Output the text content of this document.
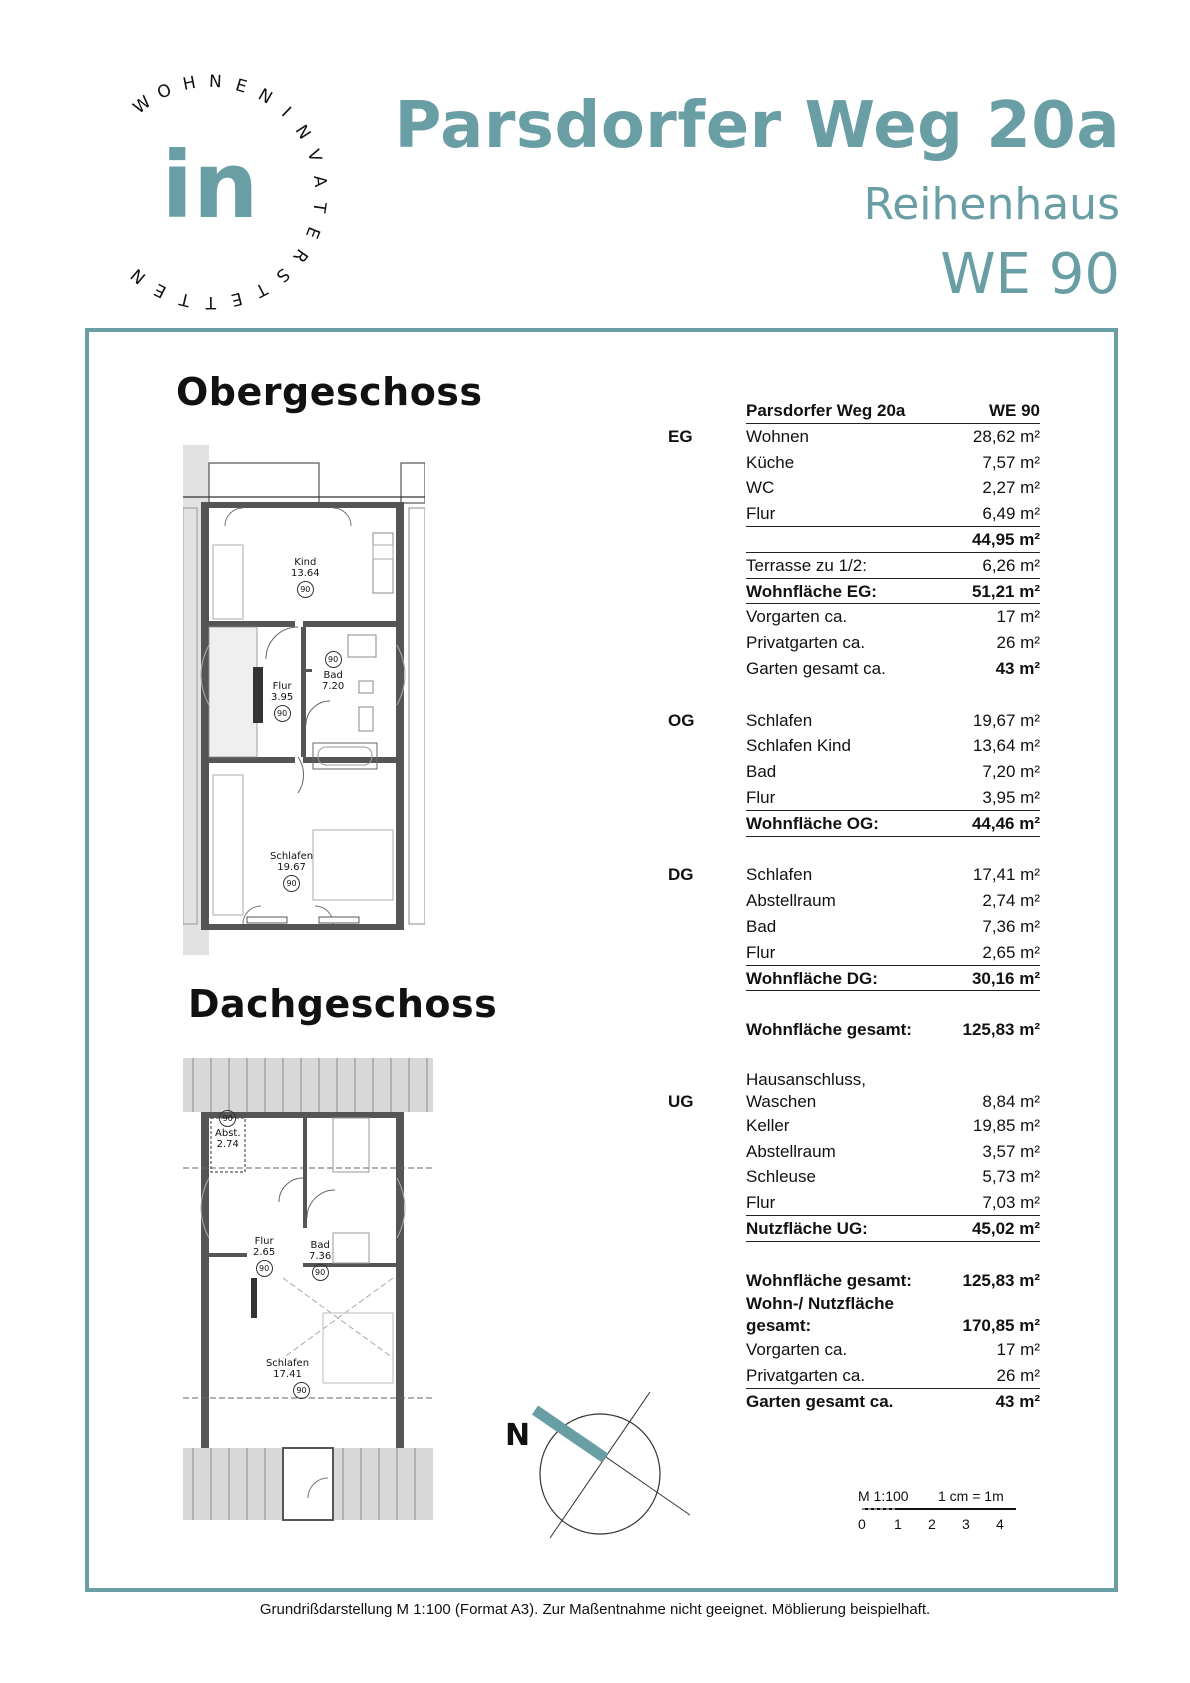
W
O H N E N
I
N
V
A
T
E
R
S
T
E
T
T
E
N
in
Parsdorfer Weg 20a
Reihenhaus
WE 90
Obergeschoss
Dachgeschoss
Kind
13.64
90
Flur
3.95
90
90
Bad
7.20
Schlafen
19.67
90
90
Abst.
2.74
Flur
2.65
90
Bad
7.36
90
Schlafen
17.41
90
Parsdorfer Weg 20a	WE 90
EG	Wohnen	28,62 m²
Küche	7,57 m²
WC	2,27 m²
Flur	6,49 m²
44,95 m²
Terrasse zu 1/2:	6,26 m²
Wohnfläche EG:	51,21 m²
Vorgarten ca.	17 m²
Privatgarten ca.	26 m²
Garten gesamt ca.	43 m²
OG	Schlafen	19,67 m²
Schlafen Kind	13,64 m²
Bad	7,20 m²
Flur	3,95 m²
Wohnfläche OG:	44,46 m²
DG	Schlafen	17,41 m²
Abstellraum	2,74 m²
Bad	7,36 m²
Flur	2,65 m²
Wohnfläche DG:	30,16 m²
Wohnfläche gesamt:	125,83 m²
UG
Hausanschluss,
Waschen	8,84 m²
Keller	19,85 m²
Abstellraum	3,57 m²
Schleuse	5,73 m²
Flur	7,03 m²
Nutzfläche UG:	45,02 m²
Wohnfläche gesamt:	125,83 m²
Wohn-/ Nutzfläche
gesamt:	170,85 m²
Vorgarten ca.	17 m²
Privatgarten ca.	26 m²
Garten gesamt ca.	43 m²
N
M 1:100 1 cm = 1m
0 1 2 3 4
Grundrißdarstellung M 1:100 (Format A3). Zur Maßentnahme nicht geeignet. Möblierung beispielhaft.
